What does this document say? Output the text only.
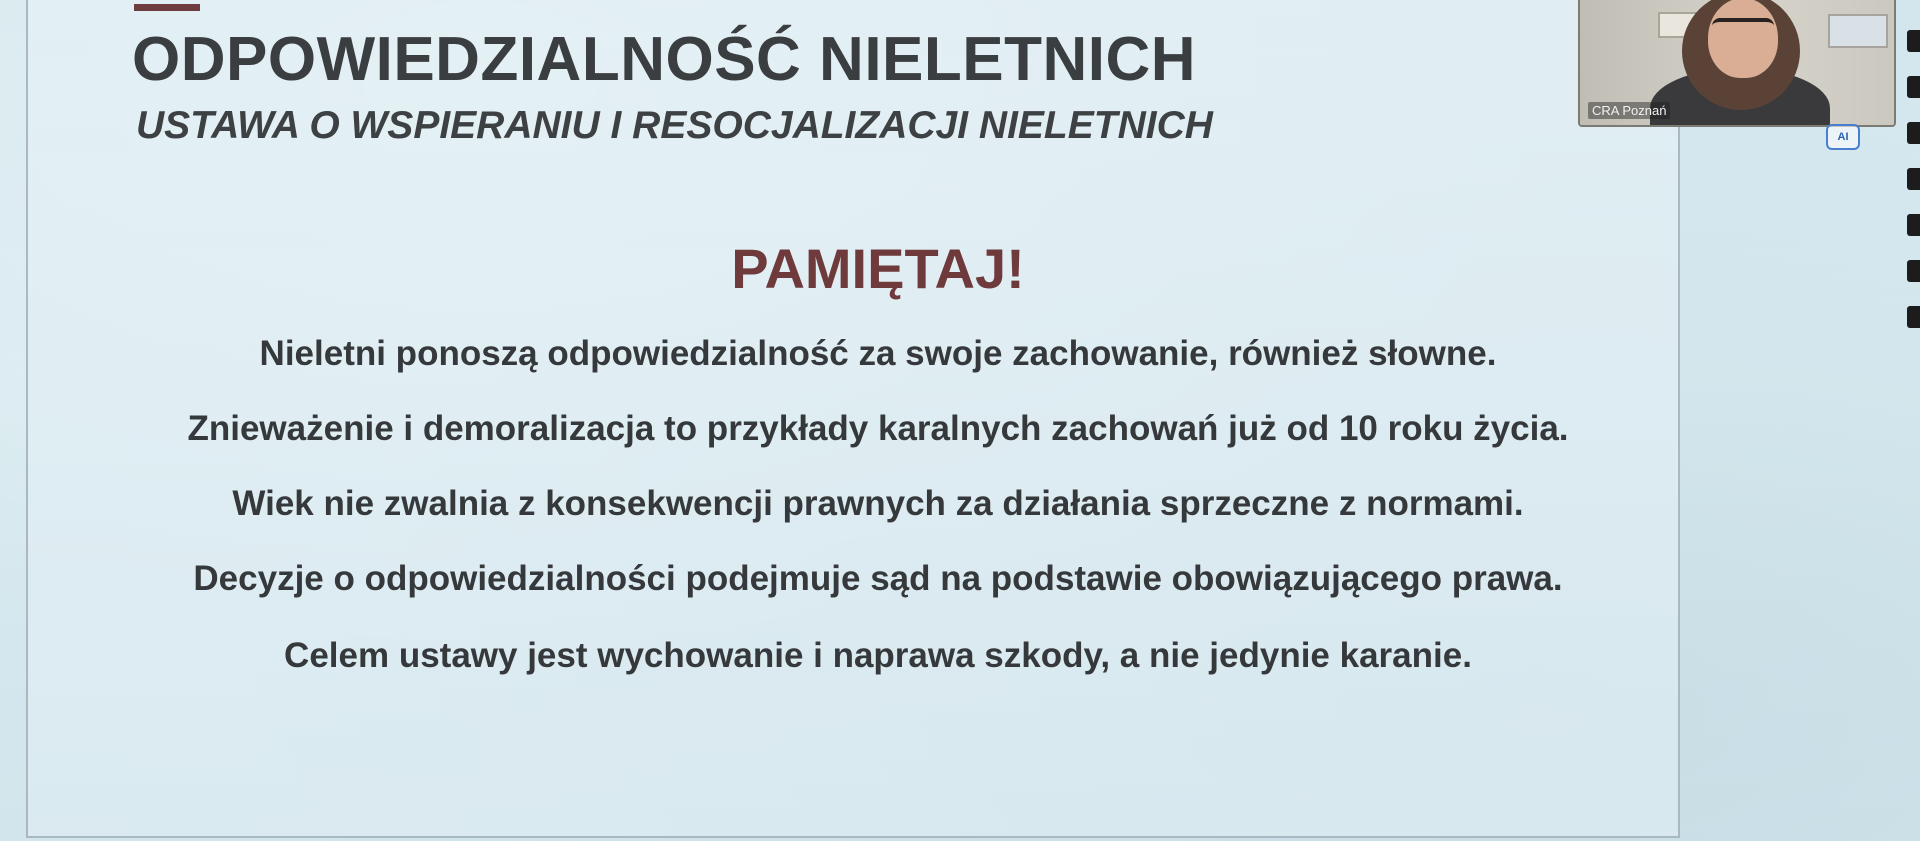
ODPOWIEDZIALNOŚĆ NIELETNICH
USTAWA O WSPIERANIU I RESOCJALIZACJI NIELETNICH
PAMIĘTAJ!
Nieletni ponoszą odpowiedzialność za swoje zachowanie, również słowne.
Znieważenie i demoralizacja to przykłady karalnych zachowań już od 10 roku życia.
Wiek nie zwalnia z konsekwencji prawnych za działania sprzeczne z normami.
Decyzje o odpowiedzialności podejmuje sąd na podstawie obowiązującego prawa.
Celem ustawy jest wychowanie i naprawa szkody, a nie jedynie karanie.
CRA Poznań
AI
